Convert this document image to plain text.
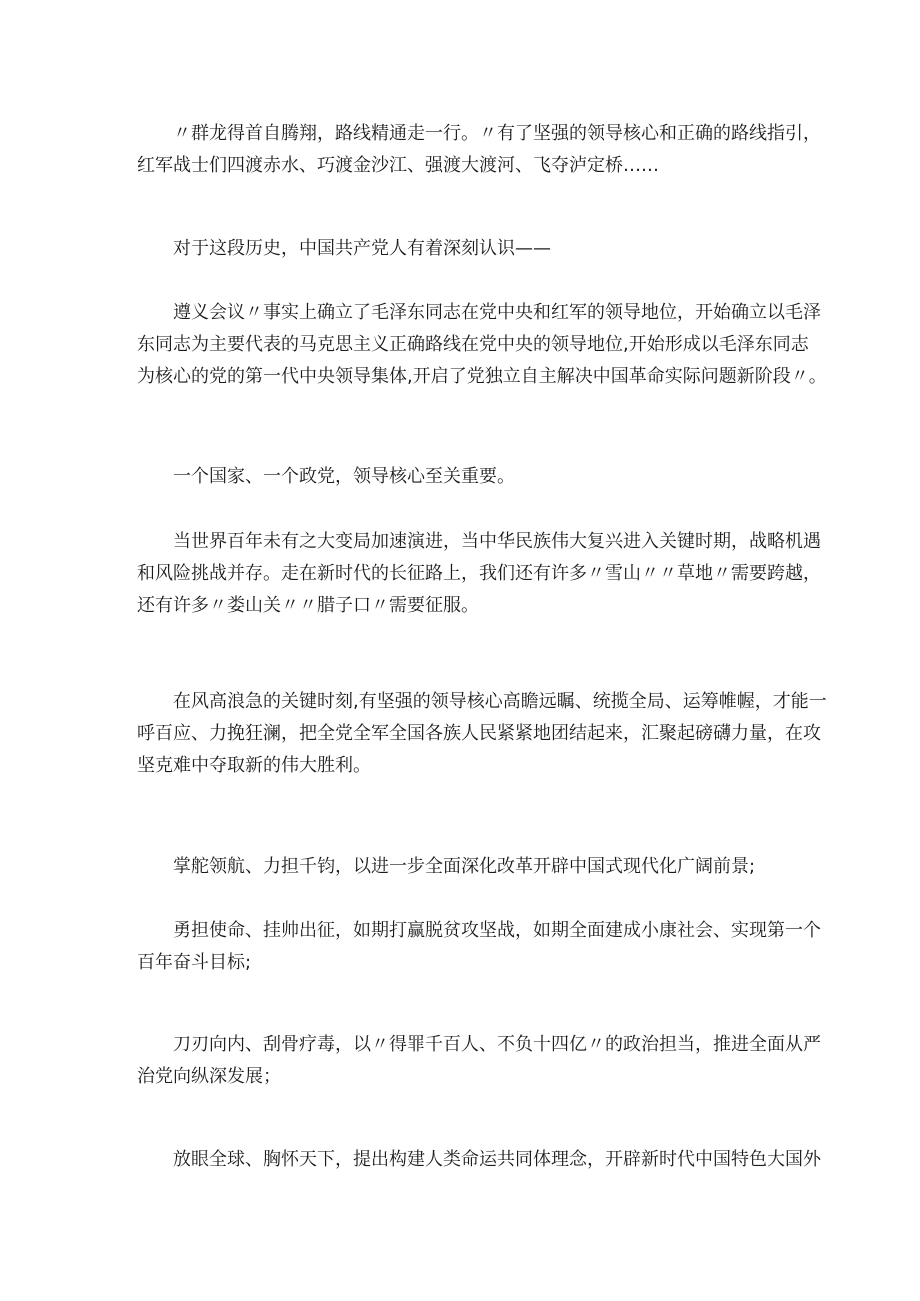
〃群龙得首自腾翔，路线精通走一行。〃有了坚强的领导核心和正确的路线指引，
红军战士们四渡赤水、巧渡金沙江、强渡大渡河、飞夺泸定桥……
对于这段历史，中国共产党人有着深刻认识——
遵义会议〃事实上确立了毛泽东同志在党中央和红军的领导地位，开始确立以毛泽
东同志为主要代表的马克思主义正确路线在党中央的领导地位,开始形成以毛泽东同志
为核心的党的第一代中央领导集体,开启了党独立自主解决中国革命实际问题新阶段〃。
一个国家、一个政党，领导核心至关重要。
当世界百年未有之大变局加速演进，当中华民族伟大复兴进入关键时期，战略机遇
和风险挑战并存。走在新时代的长征路上，我们还有许多〃雪山〃〃草地〃需要跨越，
还有许多〃娄山关〃〃腊子口〃需要征服。
在风高浪急的关键时刻,有坚强的领导核心高瞻远瞩、统揽全局、运筹帷幄，才能一
呼百应、力挽狂澜，把全党全军全国各族人民紧紧地团结起来，汇聚起磅礴力量，在攻
坚克难中夺取新的伟大胜利。
掌舵领航、力担千钧，以进一步全面深化改革开辟中国式现代化广阔前景;
勇担使命、挂帅出征，如期打赢脱贫攻坚战，如期全面建成小康社会、实现第一个
百年奋斗目标;
刀刃向内、刮骨疗毒，以〃得罪千百人、不负十四亿〃的政治担当，推进全面从严
治党向纵深发展；
放眼全球、胸怀天下，提出构建人类命运共同体理念，开辟新时代中国特色大国外
